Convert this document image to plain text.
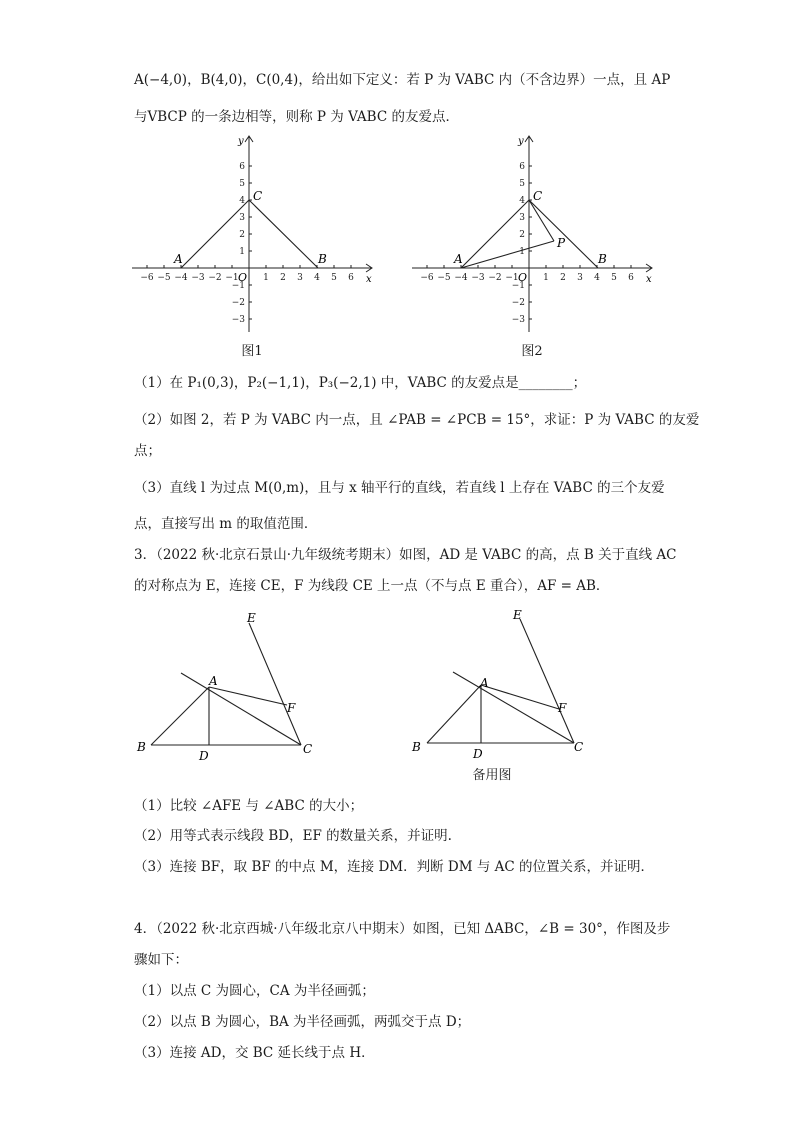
A(−4,0)，B(4,0)，C(0,4)，给出如下定义：若 P 为 VABC 内（不含边界）一点，且 AP
与VBCP 的一条边相等，则称 P 为 VABC 的友爱点．
−6 −5 −4 −3 −2 −1	1 2 3 4 5 6
6
5
4
3
2
1
−1
−2
−3
x
y
O
A
C
B
图1
−6 −5 −4 −3 −2 −1	1 2 3 4 5 6
6
5
4
3
2
1
−1
−2
−3
x
y
O
A
C
B
P
图2
（1）在 P₁(0,3)，P₂(−1,1)，P₃(−2,1) 中，VABC 的友爱点是________；
（2）如图 2，若 P 为 VABC 内一点，且 ∠PAB = ∠PCB = 15°，求证：P 为 VABC 的友爱
点；
（3）直线 l 为过点 M(0,m)，且与 x 轴平行的直线，若直线 l 上存在 VABC 的三个友爱
点，直接写出 m 的取值范围．
3．（2022 秋·北京石景山·九年级统考期末）如图，AD 是 VABC 的高，点 B 关于直线 AC
的对称点为 E，连接 CE，F 为线段 CE 上一点（不与点 E 重合），AF = AB．
B
D	C
A
F
E
B	D	C
A
F
E
备用图
（1）比较 ∠AFE 与 ∠ABC 的大小；
（2）用等式表示线段 BD，EF 的数量关系，并证明.
（3）连接 BF，取 BF 的中点 M，连接 DM．判断 DM 与 AC 的位置关系，并证明．
4．（2022 秋·北京西城·八年级北京八中期末）如图，已知 ΔABC，∠B = 30°，作图及步
骤如下：
（1）以点 C 为圆心，CA 为半径画弧；
（2）以点 B 为圆心，BA 为半径画弧，两弧交于点 D；
（3）连接 AD，交 BC 延长线于点 H．
